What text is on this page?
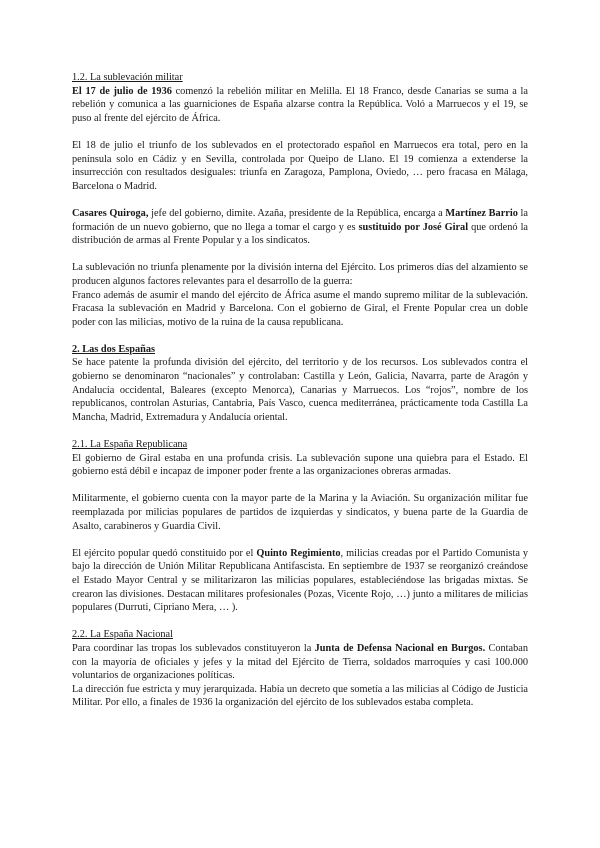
1.2. La sublevación militar

El 17 de julio de 1936 comenzó la rebelión militar en Melilla. El 18 Franco, desde Canarias se suma a la rebelión y comunica a las guarniciones de España alzarse contra la República. Voló a Marruecos y el 19, se puso al frente del ejército de África.

El 18 de julio el triunfo de los sublevados en el protectorado español en Marruecos era total, pero en la península solo en Cádiz y en Sevilla, controlada por Queipo de Llano. El 19 comienza a extenderse la insurrección con resultados desiguales: triunfa en Zaragoza, Pamplona, Oviedo, … pero fracasa en Málaga, Barcelona o Madrid.

Casares Quiroga, jefe del gobierno, dimite. Azaña, presidente de la República, encarga a Martínez Barrio la formación de un nuevo gobierno, que no llega a tomar el cargo y es sustituido por José Giral que ordenó la distribución de armas al Frente Popular y a los sindicatos.

La sublevación no triunfa plenamente por la división interna del Ejército. Los primeros días del alzamiento se producen algunos factores relevantes para el desarrollo de la guerra:

Franco además de asumir el mando del ejército de África asume el mando supremo militar de la sublevación. Fracasa la sublevación en Madrid y Barcelona. Con el gobierno de Giral, el Frente Popular crea un doble poder con las milicias, motivo de la ruina de la causa republicana.

2. Las dos Españas

Se hace patente la profunda división del ejército, del territorio y de los recursos. Los sublevados contra el gobierno se denominaron “nacionales” y controlaban: Castilla y León, Galicia, Navarra, parte de Aragón y Andalucía occidental, Baleares (excepto Menorca), Canarias y Marruecos. Los “rojos”, nombre de los republicanos, controlan Asturias, Cantabria, País Vasco, cuenca mediterránea, prácticamente toda Castilla La Mancha, Madrid, Extremadura y Andalucía oriental.

2.1. La España Republicana

El gobierno de Giral estaba en una profunda crisis. La sublevación supone una quiebra para el Estado. El gobierno está débil e incapaz de imponer poder frente a las organizaciones obreras armadas.

Militarmente, el gobierno cuenta con la mayor parte de la Marina y la Aviación. Su organización militar fue reemplazada por milicias populares de partidos de izquierdas y sindicatos, y buena parte de la Guardia de Asalto, carabineros y Guardia Civil.

El ejército popular quedó constituido por el Quinto Regimiento, milicias creadas por el Partido Comunista y bajo la dirección de Unión Militar Republicana Antifascista. En septiembre de 1937 se reorganizó creándose el Estado Mayor Central y se militarizaron las milicias populares, estableciéndose las brigadas mixtas. Se crearon las divisiones. Destacan militares profesionales (Pozas, Vicente Rojo, …) junto a militares de milicias populares (Durruti, Cipriano Mera, … ).

2.2. La España Nacional

Para coordinar las tropas los sublevados constituyeron la Junta de Defensa Nacional en Burgos. Contaban con la mayoría de oficiales y jefes y la mitad del Ejército de Tierra, soldados marroquíes y casi 100.000 voluntarios de organizaciones políticas.

La dirección fue estricta y muy jerarquizada. Había un decreto que sometía a las milicias al Código de Justicia Militar. Por ello, a finales de 1936 la organización del ejército de los sublevados estaba completa.
